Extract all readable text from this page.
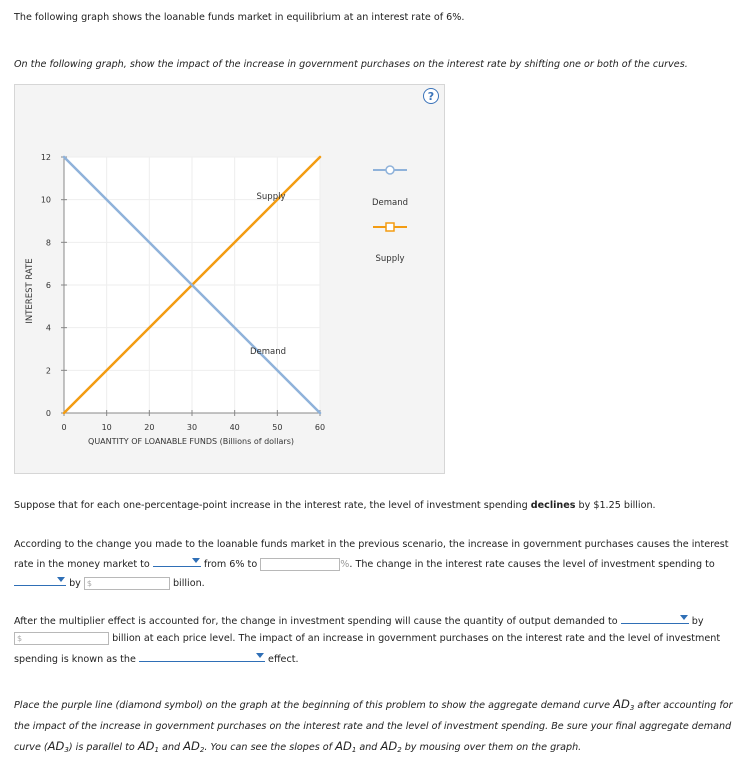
The following graph shows the loanable funds market in equilibrium at an interest rate of 6%.
On the following graph, show the impact of the increase in government purchases on the interest rate by shifting one or both of the curves.
?
0
2
4
6
8
10
12
0	10	20	30	40	50	60
INTEREST RATE
QUANTITY OF LOANABLE FUNDS (Billions of dollars)
Supply
Demand
Demand
Supply
Suppose that for each one-percentage-point increase in the interest rate, the level of investment spending declines by $1.25 billion.
According to the change you made to the loanable funds market in the previous scenario, the increase in government purchases causes the interest
rate in the money market to	from 6% to	%. The change in the interest rate causes the level of investment spending to
by $	billion.
After the multiplier effect is accounted for, the change in investment spending will cause the quantity of output demanded to	by
$	billion at each price level. The impact of an increase in government purchases on the interest rate and the level of investment
spending is known as the	effect.
Place the purple line (diamond symbol) on the graph at the beginning of this problem to show the aggregate demand curve $AD_3$ after accounting for
the impact of the increase in government purchases on the interest rate and the level of investment spending. Be sure your final aggregate demand
curve $(AD_3)$ is parallel to $AD_1$ and $AD_2$. You can see the slopes of $AD_1$ and $AD_2$ by mousing over them on the graph.
